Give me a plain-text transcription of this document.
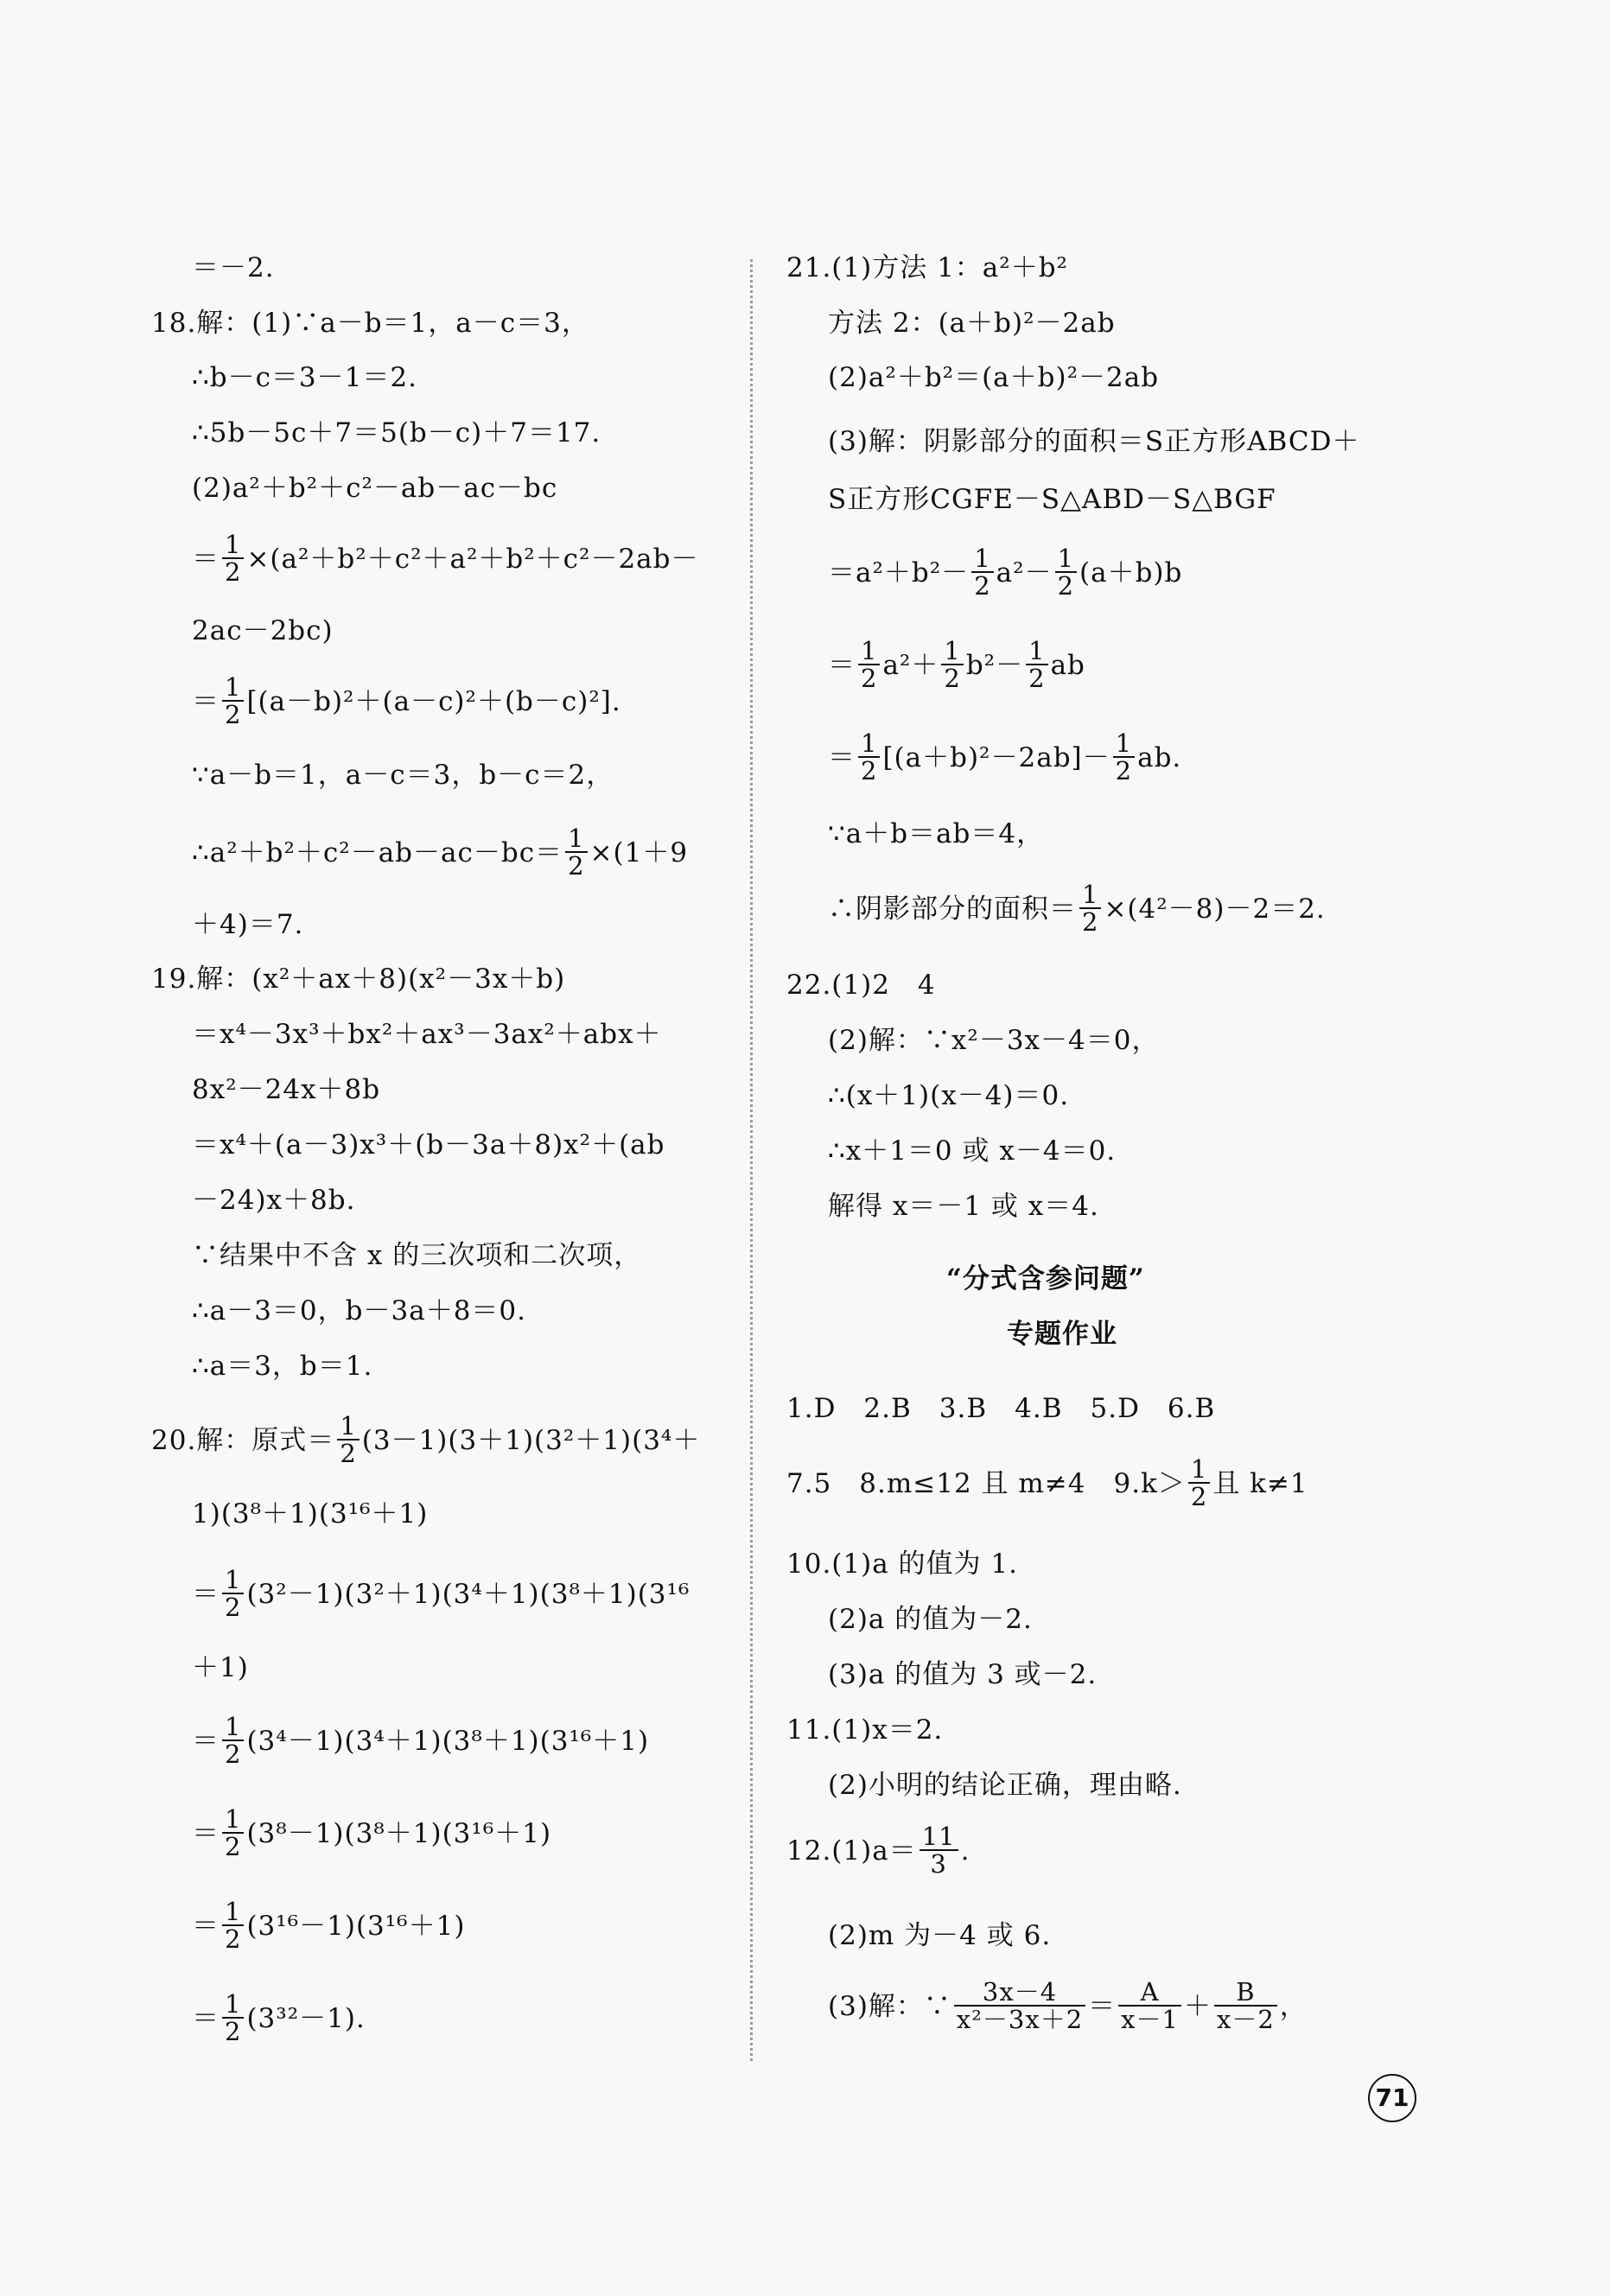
＝－2.
18.解：(1)∵a－b＝1，a－c＝3，
∴b－c＝3－1＝2.
∴5b－5c＋7＝5(b－c)＋7＝17.
(2)a²＋b²＋c²－ab－ac－bc
＝ $\frac{1}{2} \times(a^2+b^2+c^2+a^2+b^2+c^2-2ab-$
2ac－2bc)
＝ $\frac{1}{2} [(a-b)^2+(a-c)^2+(b-c)^2]$.
∵a－b＝1，a－c＝3，b－c＝2，
∴a²＋b²＋c²－ab－ac－bc＝ $\frac{1}{2} \times(1+9$
＋4)＝7.
19.解：(x²＋ax＋8)(x²－3x＋b)
＝x⁴－3x³＋bx²＋ax³－3ax²＋abx＋
8x²－24x＋8b
＝x⁴＋(a－3)x³＋(b－3a＋8)x²＋(ab
－24)x＋8b.
∵结果中不含 x 的三次项和二次项，
∴a－3＝0，b－3a＋8＝0.
∴a＝3，b＝1.
20.解：原式＝ $\frac{1}{2} (3-1)(3+1)(3^2+1)(3^4+$
1)(3⁸＋1)(3¹⁶＋1)
＝ $\frac{1}{2} (3^2-1)(3^2+1)(3^4+1)(3^8+1)(3^{16}$
＋1)
＝ $\frac{1}{2} (3^4-1)(3^4+1)(3^8+1)(3^{16}+1)$
＝ $\frac{1}{2} (3^8-1)(3^8+1)(3^{16}+1)$
＝ $\frac{1}{2} (3^{16}-1)(3^{16}+1)$
＝ $\frac{1}{2} (3^{32}-1)$.
21.(1)方法 1：a²＋b²
方法 2：(a＋b)²－2ab
(2)a²＋b²＝(a＋b)²－2ab
(3)解：阴影部分的面积＝S正方形ABCD＋
S正方形CGFE－S△ABD－S△BGF
$=a^2+b^2- \frac{1}{2} a^2- \frac{1}{2} (a+b)b$
＝ $\frac{1}{2} a^2+ \frac{1}{2} b^2- \frac{1}{2}$ ab
＝ $\frac{1}{2} [(a+b)^2-2ab]- \frac{1}{2}$ ab.
∵a＋b＝ab＝4，
∴阴影部分的面积＝ $\frac{1}{2} \times(4^2-8)-2=2$.
22.(1)2　4
(2)解：∵x²－3x－4＝0，
∴(x＋1)(x－4)＝0.
∴x＋1＝0 或 x－4＝0.
解得 x＝－1 或 x＝4.
“分式含参问题”
专题作业
1.D　2.B　3.B　4.B　5.D　6.B
7.5　8.m≤12 且 m≠4　$9.k> \frac{1}{2}$ 且 k≠1
10.(1)a 的值为 1.
(2)a 的值为－2.
(3)a 的值为 3 或－2.
11.(1)x＝2.
(2)小明的结论正确，理由略.
$12.(1)a= \frac{11}{3}$ .
(2)m 为－4 或 6.
(3)解：∵ $\frac{3x-4}{\text{x²－3x＋2}} = \frac{A}{x-1} + \frac{B}{x-2}$ ，
71
